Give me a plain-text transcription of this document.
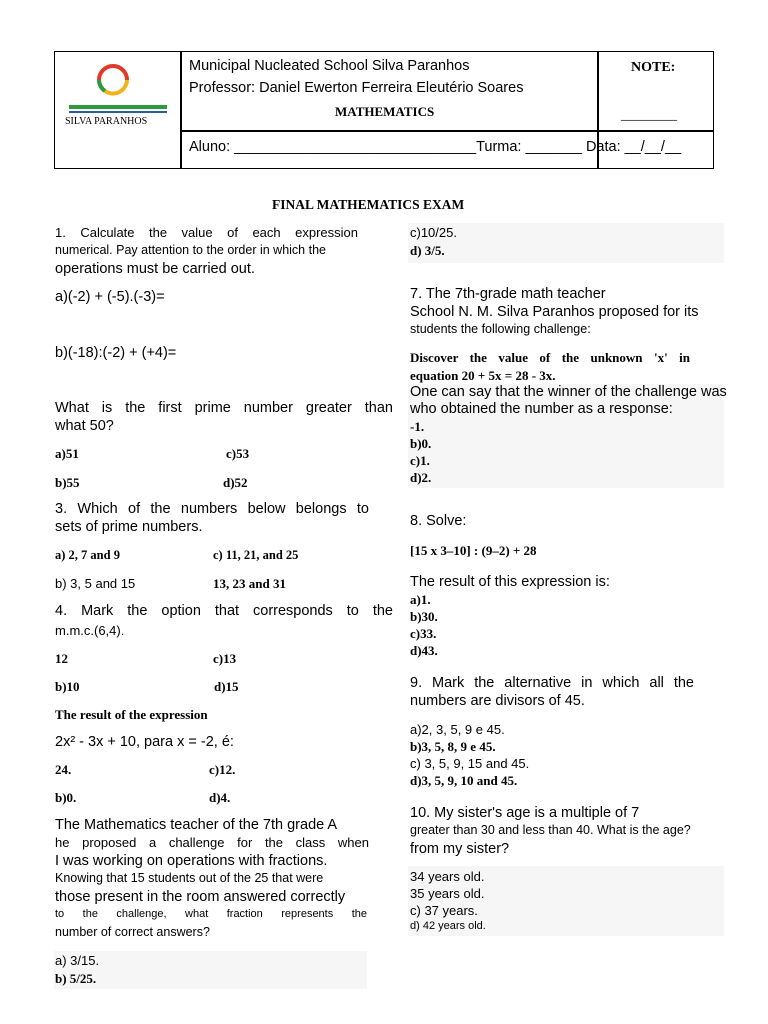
SILVA PARANHOS
Municipal Nucleated School Silva Paranhos
Professor: Daniel Ewerton Ferreira Eleutério Soares
MATHEMATICS
NOTE:
________
Aluno: ______________________________Turma: _______ Data: __/__/__
FINAL MATHEMATICS EXAM
1. Calculate the value of each expression
numerical. Pay attention to the order in which the
operations must be carried out.
a)(-2) + (-5).(-3)=
b)(-18):(-2) + (+4)=
What is the first prime number greater than
what 50?
a)51	c)53
b)55	d)52
3. Which of the numbers below belongs to
sets of prime numbers.
a) 2, 7 and 9	c) 11, 21, and 25
b) 3, 5 and 15	13, 23 and 31
4. Mark the option that corresponds to the
m.m.c.(6,4).
12	c)13
b)10	d)15
The result of the expression
2x² - 3x + 10, para x = -2, é:
24.	c)12.
b)0.	d)4.
The Mathematics teacher of the 7th grade A
he proposed a challenge for the class when
I was working on operations with fractions.
Knowing that 15 students out of the 25 that were
those present in the room answered correctly
to the challenge, what fraction represents the
number of correct answers?
a) 3/15.
b) 5/25.
c)10/25.
d) 3/5.
7. The 7th-grade math teacher
School N. M. Silva Paranhos proposed for its
students the following challenge:
Discover the value of the unknown 'x' in
equation 20 + 5x = 28 - 3x.
One can say that the winner of the challenge was
who obtained the number as a response:
-1.
b)0.
c)1.
d)2.
8. Solve:
[15 x 3–10] : (9–2) + 28
The result of this expression is:
a)1.
b)30.
c)33.
d)43.
9. Mark the alternative in which all the
numbers are divisors of 45.
a)2, 3, 5, 9 e 45.
b)3, 5, 8, 9 e 45.
c) 3, 5, 9, 15 and 45.
d)3, 5, 9, 10 and 45.
10. My sister's age is a multiple of 7
greater than 30 and less than 40. What is the age?
from my sister?
34 years old.
35 years old.
c) 37 years.
d) 42 years old.
